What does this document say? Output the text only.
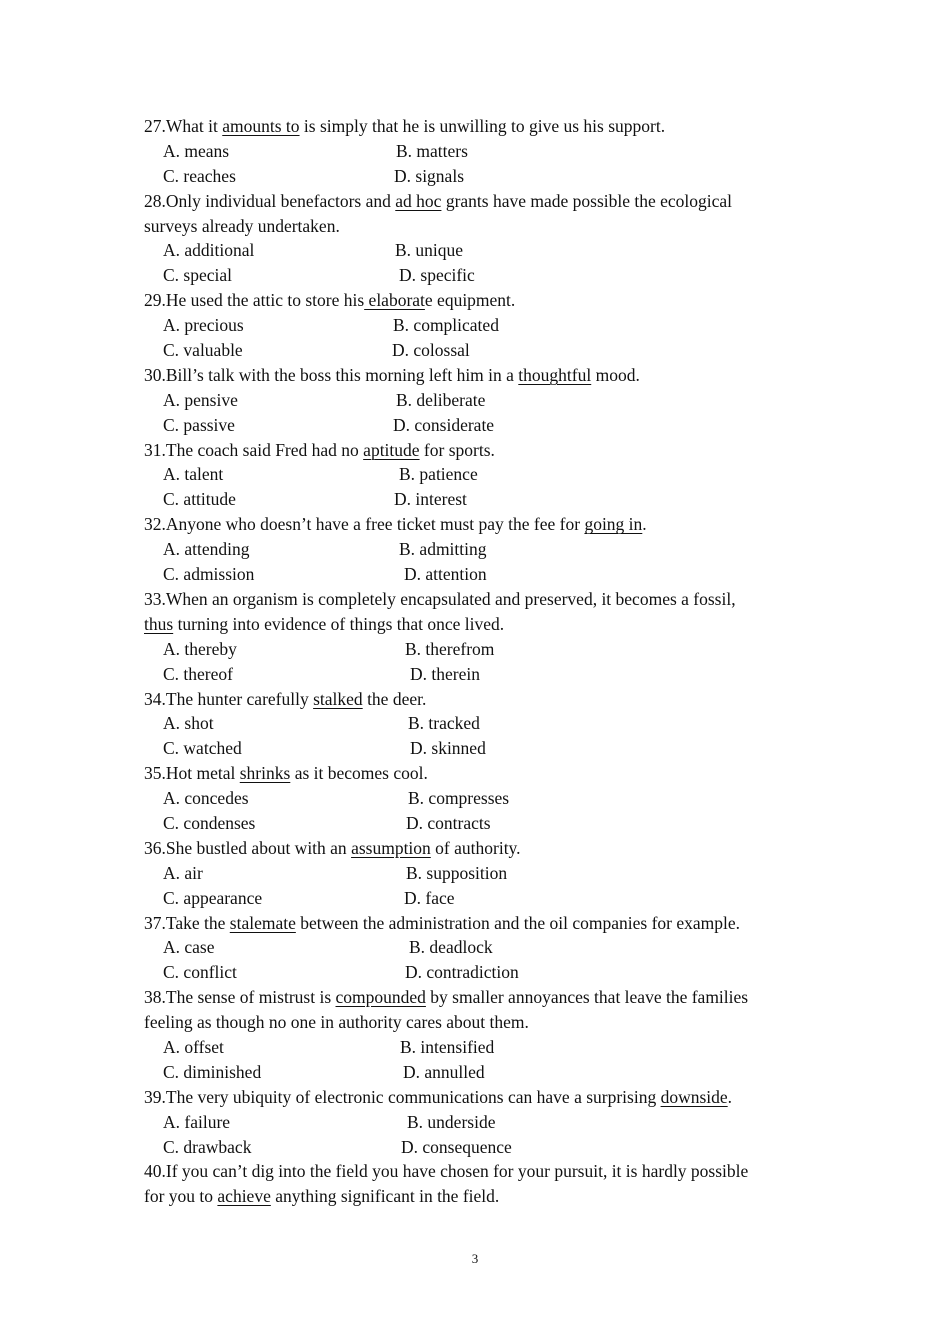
27.What it amounts to is simply that he is unwilling to give us his support.
A. means	B. matters
C. reaches	D. signals
28.Only individual benefactors and ad hoc grants have made possible the ecological
surveys already undertaken.
A. additional	B. unique
C. special	D. specific
29.He used the attic to store his elaborate equipment.
A. precious	B. complicated
C. valuable	D. colossal
30.Bill’s talk with the boss this morning left him in a thoughtful mood.
A. pensive	B. deliberate
C. passive	D. considerate
31.The coach said Fred had no aptitude for sports.
A. talent	B. patience
C. attitude	D. interest
32.Anyone who doesn’t have a free ticket must pay the fee for going in.
A. attending	B. admitting
C. admission	D. attention
33.When an organism is completely encapsulated and preserved, it becomes a fossil,
thus turning into evidence of things that once lived.
A. thereby	B. therefrom
C. thereof	D. therein
34.The hunter carefully stalked the deer.
A. shot	B. tracked
C. watched	D. skinned
35.Hot metal shrinks as it becomes cool.
A. concedes	B. compresses
C. condenses	D. contracts
36.She bustled about with an assumption of authority.
A. air	B. supposition
C. appearance	D. face
37.Take the stalemate between the administration and the oil companies for example.
A. case	B. deadlock
C. conflict	D. contradiction
38.The sense of mistrust is compounded by smaller annoyances that leave the families
feeling as though no one in authority cares about them.
A. offset	B. intensified
C. diminished	D. annulled
39.The very ubiquity of electronic communications can have a surprising downside.
A. failure	B. underside
C. drawback	D. consequence
40.If you can’t dig into the field you have chosen for your pursuit, it is hardly possible
for you to achieve anything significant in the field.
3
